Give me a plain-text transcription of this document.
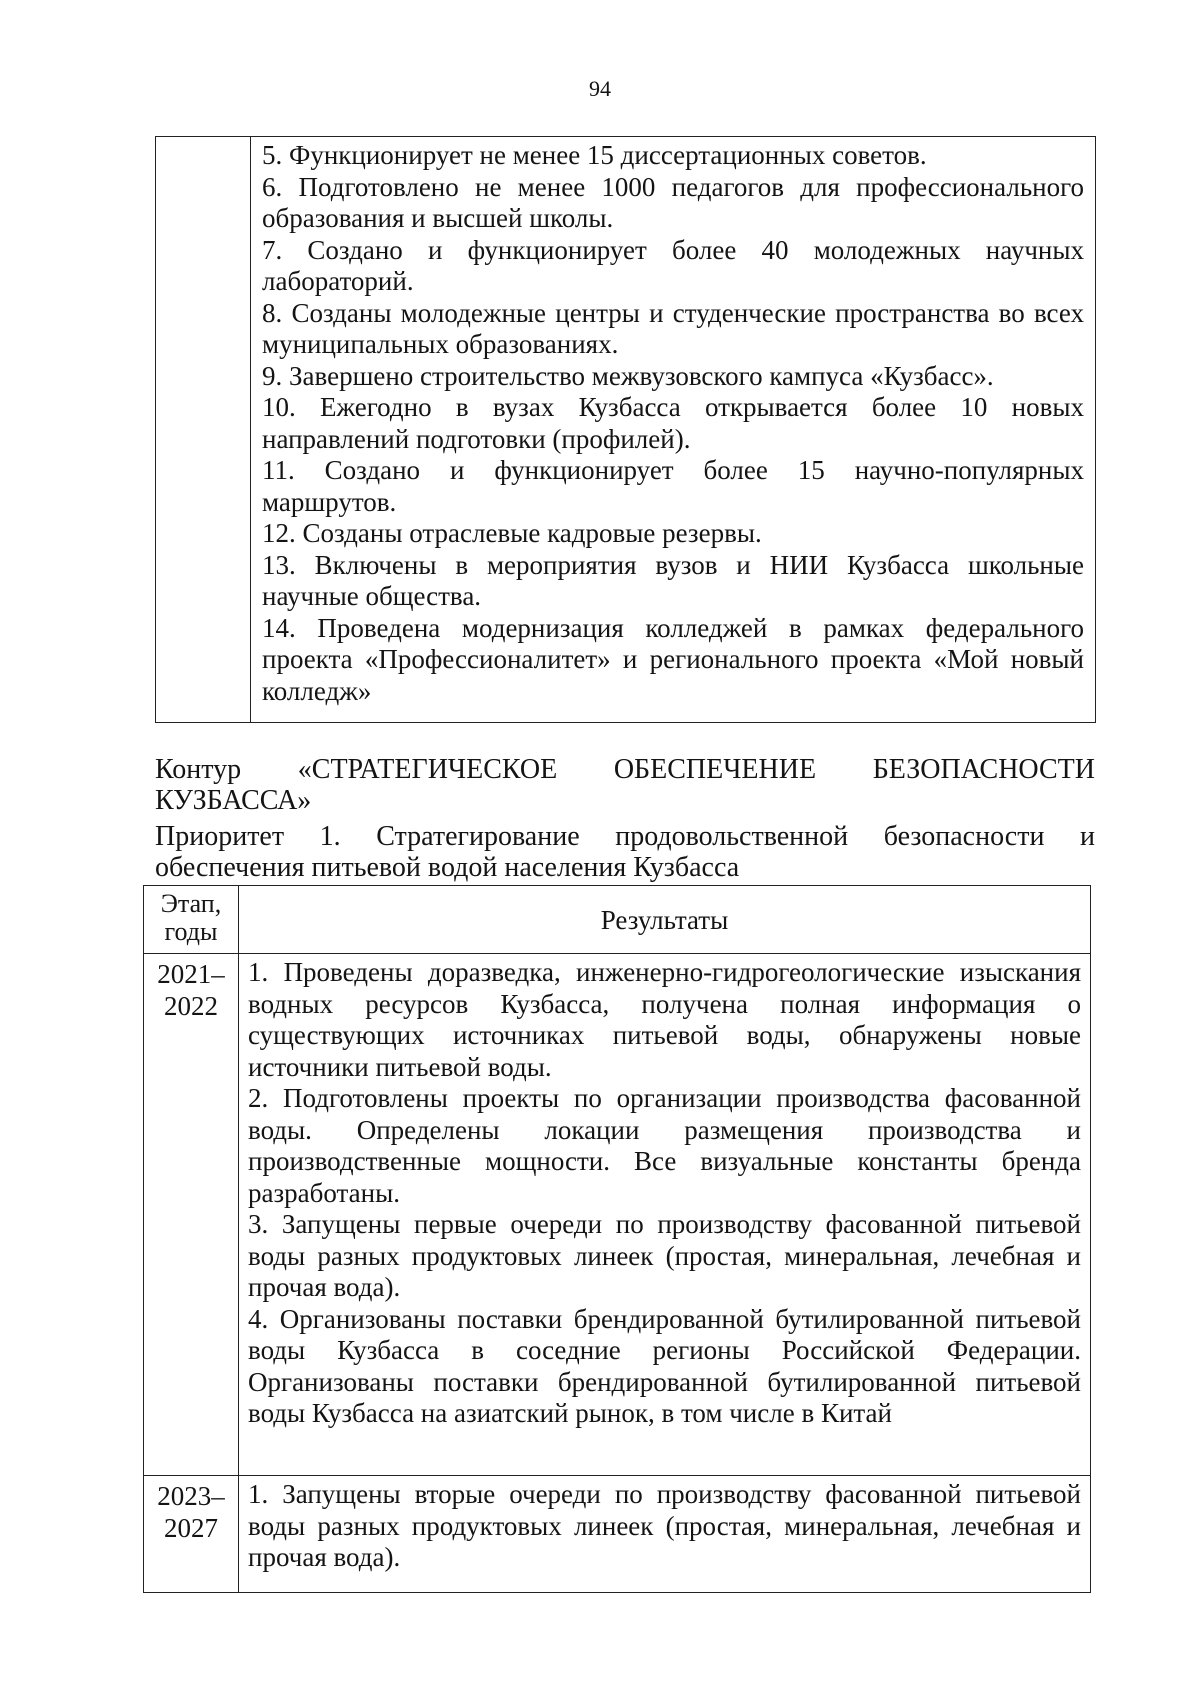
94

5. Функционирует не менее 15 диссертационных советов.

6. Подготовлено не менее 1000 педагогов для профессионального образования и высшей школы.

7. Создано и функционирует более 40 молодежных научных лабораторий.

8. Созданы молодежные центры и студенческие пространства во всех муниципальных образованиях.

9. Завершено строительство межвузовского кампуса «Кузбасс».

10. Ежегодно в вузах Кузбасса открывается более 10 новых направлений подготовки (профилей).

11. Создано и функционирует более 15 научно-популярных маршрутов.

12. Созданы отраслевые кадровые резервы.

13. Включены в мероприятия вузов и НИИ Кузбасса школьные научные общества.

14. Проведена модернизация колледжей в рамках федерального проекта «Профессионалитет» и регионального проекта «Мой новый колледж»

Контур «СТРАТЕГИЧЕСКОЕ ОБЕСПЕЧЕНИЕ БЕЗОПАСНОСТИ КУЗБАССА»
Приоритет 1. Стратегирование продовольственной безопасности и обеспечения питьевой водой населения Кузбасса
Этап, годы	Результаты
2021–2022

1. Проведены доразведка, инженерно-гидрогеологические изыскания водных ресурсов Кузбасса, получена полная информация о существующих источниках питьевой воды, обнаружены новые источники питьевой воды.

2. Подготовлены проекты по организации производства фасованной воды. Определены локации размещения производства и производственные мощности. Все визуальные константы бренда разработаны.

3. Запущены первые очереди по производству фасованной питьевой воды разных продуктовых линеек (простая, минеральная, лечебная и прочая вода).

4. Организованы поставки брендированной бутилированной питьевой воды Кузбасса в соседние регионы Российской Федерации. Организованы поставки брендированной бутилированной питьевой воды Кузбасса на азиатский рынок, в том числе в Китай

2023–2027

1. Запущены вторые очереди по производству фасованной питьевой воды разных продуктовых линеек (простая, минеральная, лечебная и прочая вода).
